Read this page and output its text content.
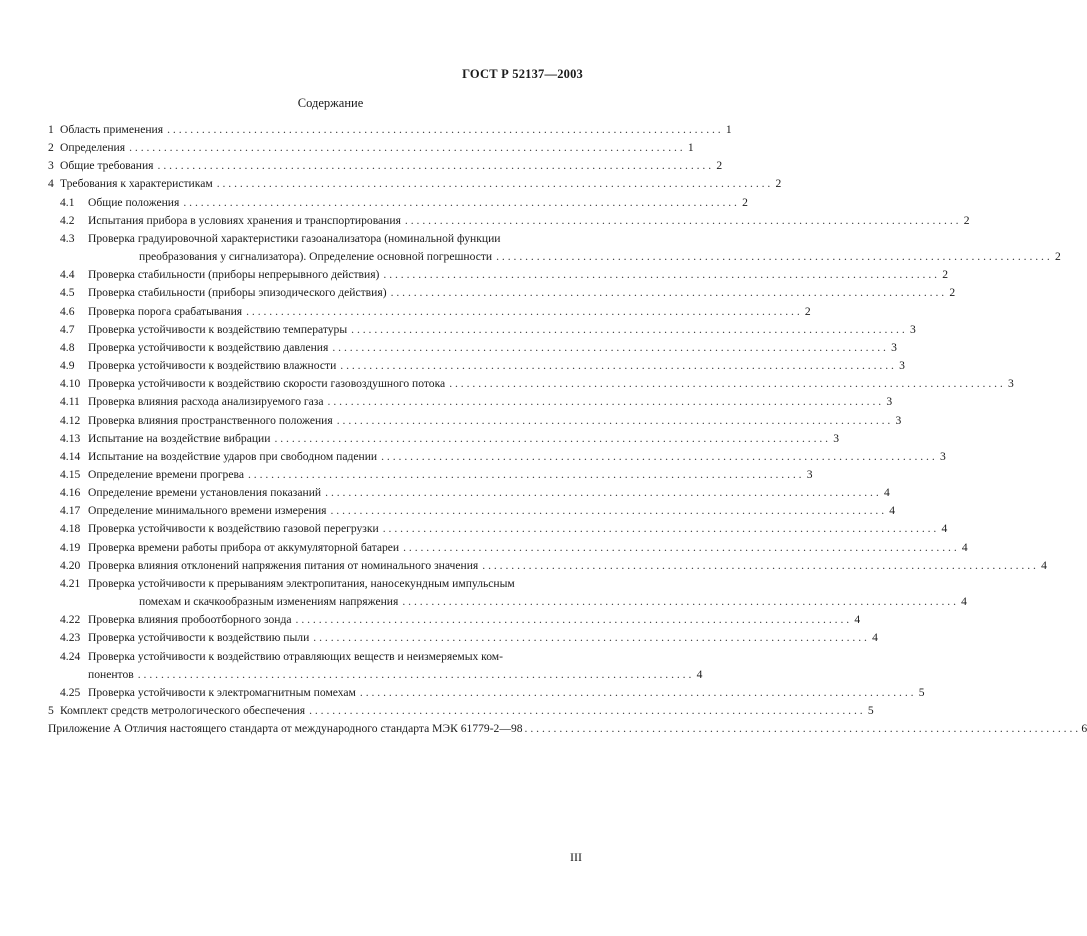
ГОСТ Р 52137—2003
Содержание
1 Область применения . . .	1
2 Определения . . .	1
3 Общие требования . . .	2
4 Требования к характеристикам . . .	2
4.1 Общие положения . . .	2
4.2 Испытания прибора в условиях хранения и транспортирования . . .	2
4.3 Проверка градуировочной характеристики газоанализатора (номинальной функции
преобразования у сигнализатора). Определение основной погрешности . . .	2
4.4 Проверка стабильности (приборы непрерывного действия) . . .	2
4.5 Проверка стабильности (приборы эпизодического действия) . . .	2
4.6 Проверка порога срабатывания . . .	2
4.7 Проверка устойчивости к воздействию температуры . . .	3
4.8 Проверка устойчивости к воздействию давления . . .	3
4.9 Проверка устойчивости к воздействию влажности . . .	3
4.10 Проверка устойчивости к воздействию скорости газовоздушного потока . . .	3
4.11 Проверка влияния расхода анализируемого газа . . .	3
4.12 Проверка влияния пространственного положения . . .	3
4.13 Испытание на воздействие вибрации . . .	3
4.14 Испытание на воздействие ударов при свободном падении . . .	3
4.15 Определение времени прогрева . . .	3
4.16 Определение времени установления показаний . . .	4
4.17 Определение минимального времени измерения . . .	4
4.18 Проверка устойчивости к воздействию газовой перегрузки . . .	4
4.19 Проверка времени работы прибора от аккумуляторной батареи . . .	4
4.20 Проверка влияния отклонений напряжения питания от номинального значения . . .	4
4.21 Проверка устойчивости к прерываниям электропитания, наносекундным импульсным
помехам и скачкообразным изменениям напряжения . . .	4
4.22 Проверка влияния пробоотборного зонда . . .	4
4.23 Проверка устойчивости к воздействию пыли . . .	4
4.24 Проверка устойчивости к воздействию отравляющих веществ и неизмеряемых ком-
понентов . . .	4
4.25 Проверка устойчивости к электромагнитным помехам . . .	5
5 Комплект средств метрологического обеспечения . . .	5
Приложение А Отличия настоящего стандарта от международного стандарта МЭК 61779-2—98 . . .	6
III
